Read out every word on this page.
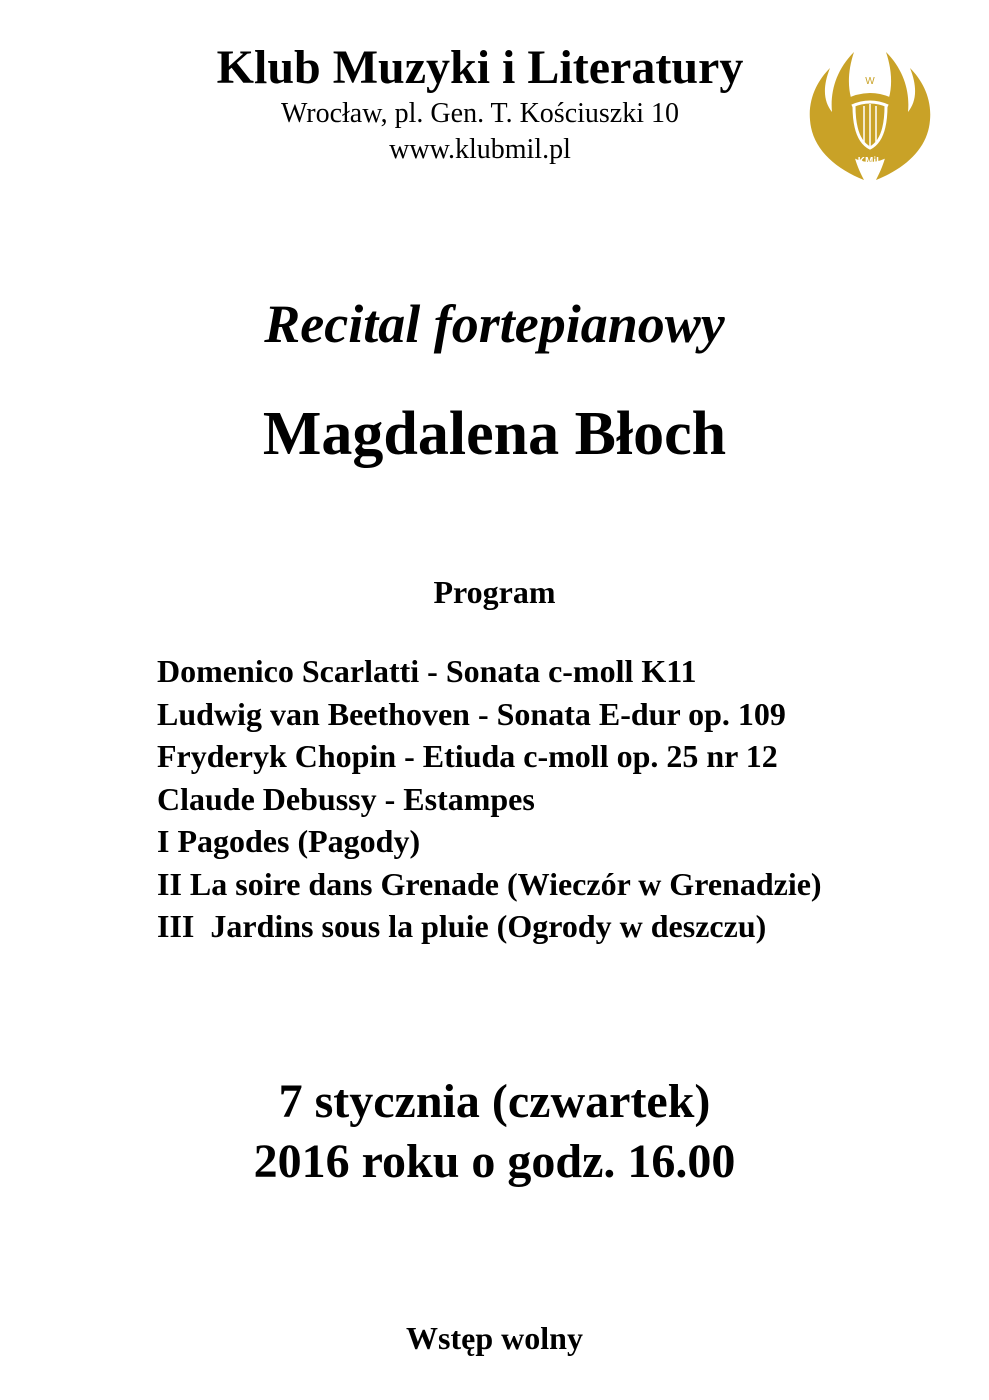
Klub Muzyki i Literatury

Wrocław, pl. Gen. T. Kościuszki 10

www.klubmil.pl

W
KMiL

Recital fortepianowy

Magdalena Błoch

Program

Domenico Scarlatti - Sonata c-moll K11
Ludwig van Beethoven - Sonata E-dur op. 109
Fryderyk Chopin - Etiuda c-moll op. 25 nr 12
Claude Debussy - Estampes
I Pagodes (Pagody)
II La soire dans Grenade (Wieczór w Grenadzie)
III  Jardins sous la pluie (Ogrody w deszczu)

7 stycznia (czwartek)

2016 roku o godz. 16.00

Wstęp wolny
